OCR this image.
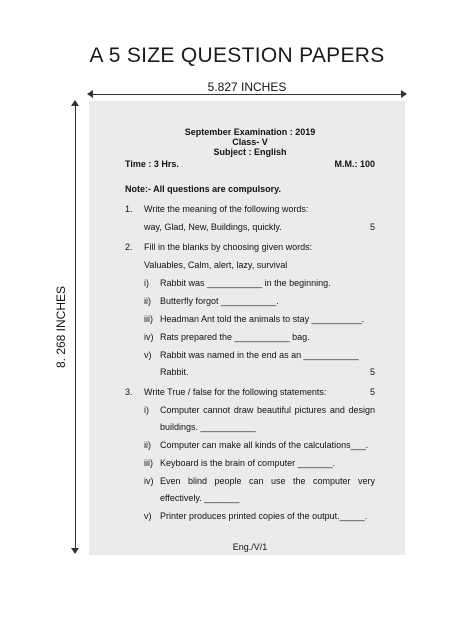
A 5 SIZE QUESTION PAPERS
5.827 INCHES
8. 268 INCHES
September Examination : 2019
Class- V
Subject : English
Time : 3 Hrs.	M.M.: 100
Note:- All questions are compulsory.
1.	Write the meaning of the following words:
way, Glad, New, Buildings, quickly.	5
2.	Fill in the blanks by choosing given words:
Valuables, Calm, alert, lazy, survival
i)	Rabbit was ___________ in the beginning.
ii)	Butterfly forgot ___________.
iii) Headman Ant told the animals to stay __________.
iv) Rats prepared the ___________ bag.
v) Rabbit was named in the end as an ___________
Rabbit.	5
3.	Write True / false for the following statements:	5
i)	Computer cannot draw beautiful pictures and design
buildings. ___________
ii)	Computer can make all kinds of the calculations___.
iii) Keyboard is the brain of computer _______.
iv) Even blind people can use the computer very
effectively. _______
v) Printer produces printed copies of the output._____.
Eng./V/1
